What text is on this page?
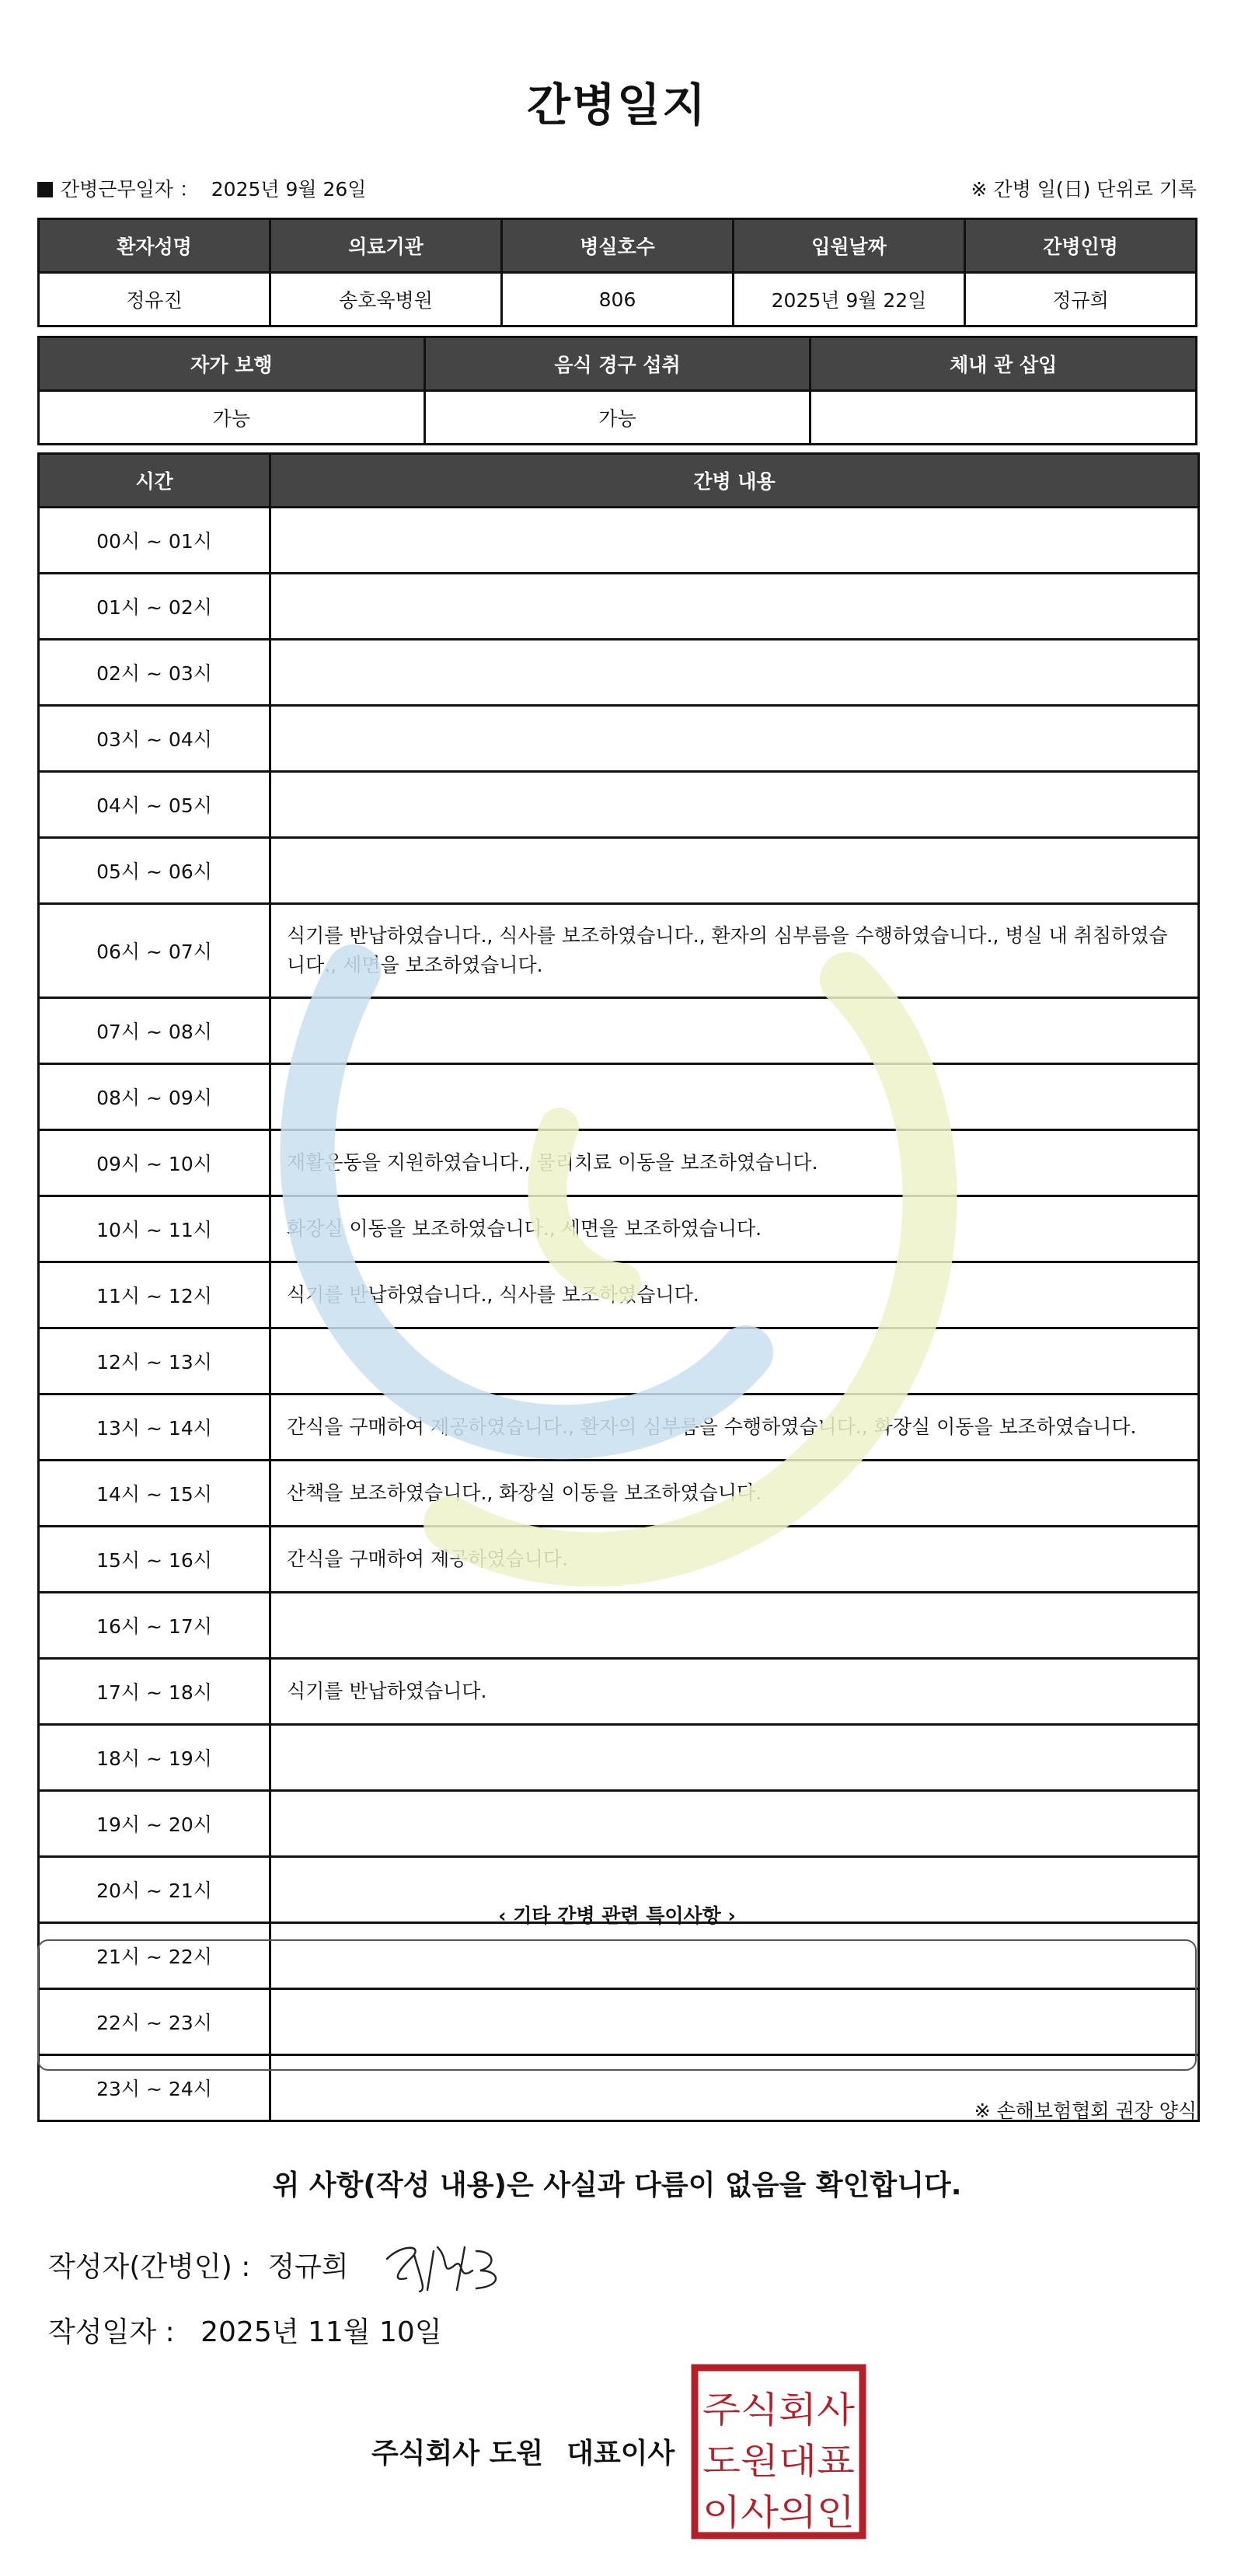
간병일지
간병근무일자 ： 2025년 9월 26일	※ 간병 일(日) 단위로 기록
환자성명	의료기관	병실호수	입원날짜	간병인명
정유진	송호욱병원	806	2025년 9월 22일	정규희
자가 보행	음식 경구 섭취	체내 관 삽입
가능	가능	
시간	간병 내용
00시 ~ 01시	
01시 ~ 02시	
02시 ~ 03시	
03시 ~ 04시	
04시 ~ 05시	
05시 ~ 06시	
06시 ~ 07시	식기를 반납하였습니다., 식사를 보조하였습니다., 환자의 심부름을 수행하였습니다., 병실 내 취침하였습니다., 세면을 보조하였습니다.
07시 ~ 08시	
08시 ~ 09시	
09시 ~ 10시	재활운동을 지원하였습니다., 물리치료 이동을 보조하였습니다.
10시 ~ 11시	화장실 이동을 보조하였습니다., 세면을 보조하였습니다.
11시 ~ 12시	식기를 반납하였습니다., 식사를 보조하였습니다.
12시 ~ 13시	
13시 ~ 14시	간식을 구매하여 제공하였습니다., 환자의 심부름을 수행하였습니다., 화장실 이동을 보조하였습니다.
14시 ~ 15시	산책을 보조하였습니다., 화장실 이동을 보조하였습니다.
15시 ~ 16시	간식을 구매하여 제공하였습니다.
16시 ~ 17시	
17시 ~ 18시	식기를 반납하였습니다.
18시 ~ 19시	
19시 ~ 20시	
20시 ~ 21시	
21시 ~ 22시	
22시 ~ 23시	
23시 ~ 24시	
‹ 기타 간병 관련 특이사항 ›
※ 손해보험협회 권장 양식
위 사항(작성 내용)은 사실과 다름이 없음을 확인합니다.
작성자(간병인) : 정규희
작성일자 : 2025년 11월 10일
주식회사 도원 대표이사
주식회사
도원대표
이사의인
